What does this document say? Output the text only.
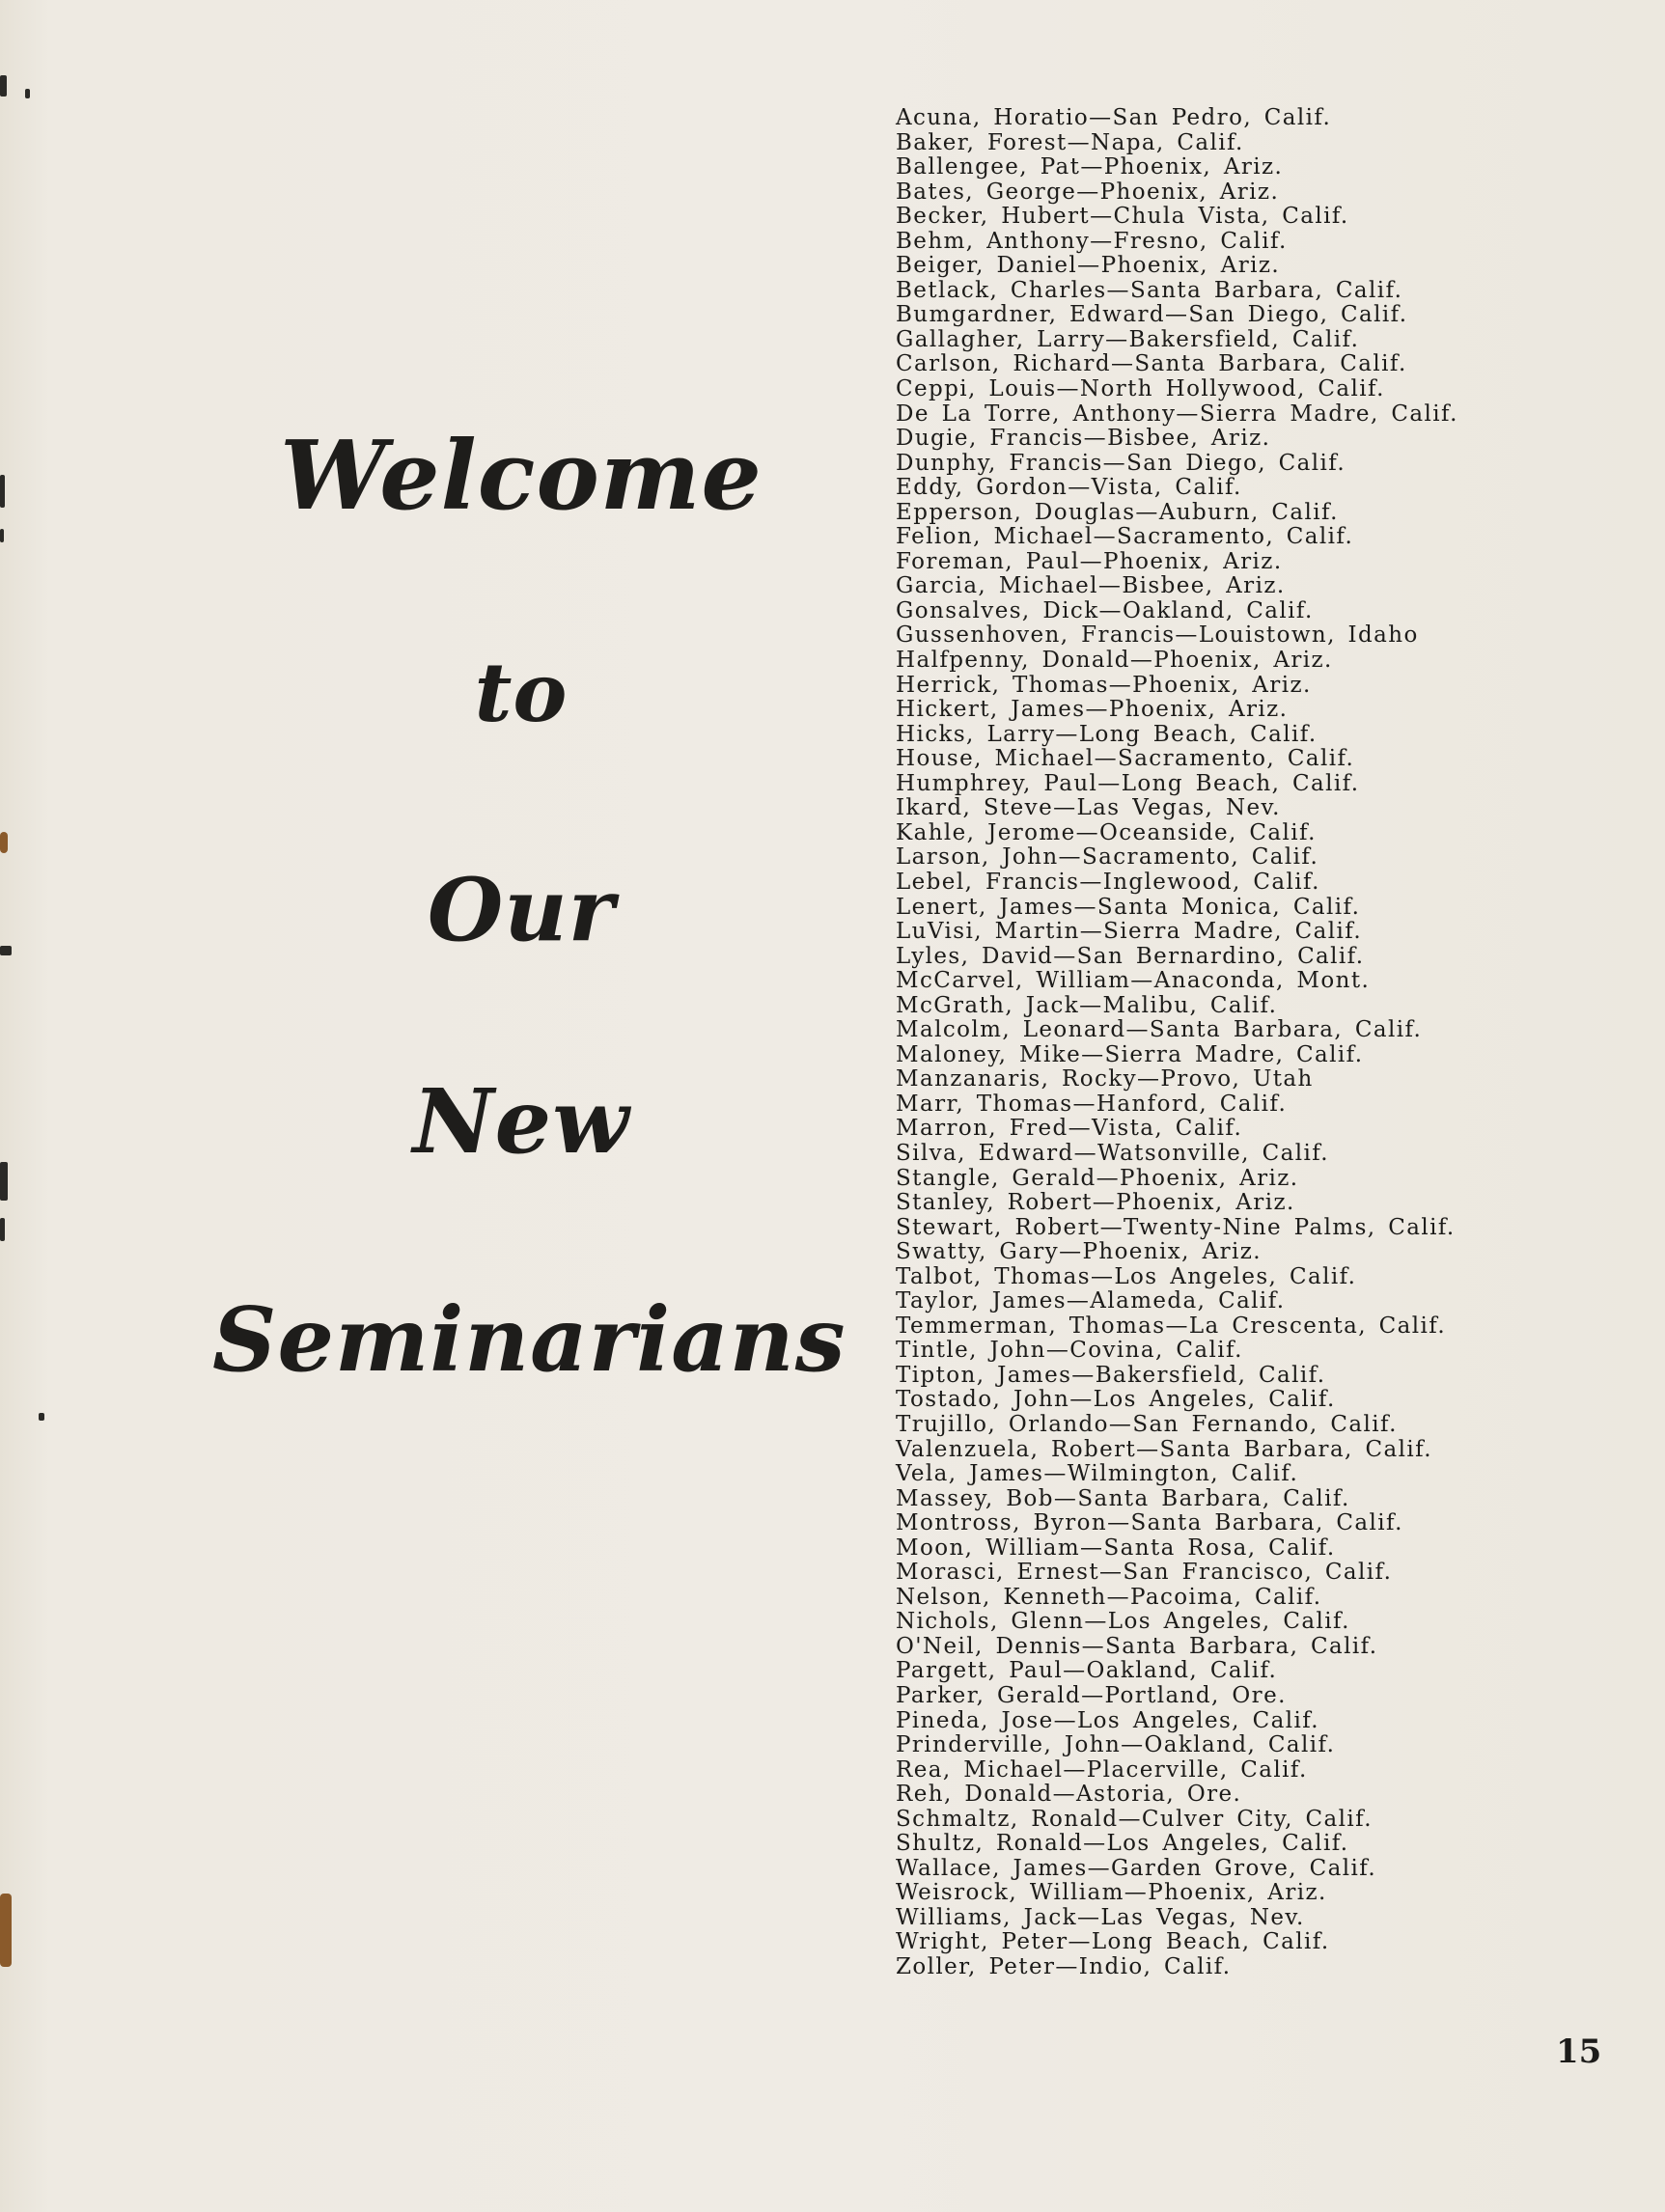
Welcome
to
Our
New
Seminarians
Acuna, Horatio—San Pedro, Calif.
Baker, Forest—Napa, Calif.
Ballengee, Pat—Phoenix, Ariz.
Bates, George—Phoenix, Ariz.
Becker, Hubert—Chula Vista, Calif.
Behm, Anthony—Fresno, Calif.
Beiger, Daniel—Phoenix, Ariz.
Betlack, Charles—Santa Barbara, Calif.
Bumgardner, Edward—San Diego, Calif.
Gallagher, Larry—Bakersfield, Calif.
Carlson, Richard—Santa Barbara, Calif.
Ceppi, Louis—North Hollywood, Calif.
De La Torre, Anthony—Sierra Madre, Calif.
Dugie, Francis—Bisbee, Ariz.
Dunphy, Francis—San Diego, Calif.
Eddy, Gordon—Vista, Calif.
Epperson, Douglas—Auburn, Calif.
Felion, Michael—Sacramento, Calif.
Foreman, Paul—Phoenix, Ariz.
Garcia, Michael—Bisbee, Ariz.
Gonsalves, Dick—Oakland, Calif.
Gussenhoven, Francis—Louistown, Idaho
Halfpenny, Donald—Phoenix, Ariz.
Herrick, Thomas—Phoenix, Ariz.
Hickert, James—Phoenix, Ariz.
Hicks, Larry—Long Beach, Calif.
House, Michael—Sacramento, Calif.
Humphrey, Paul—Long Beach, Calif.
Ikard, Steve—Las Vegas, Nev.
Kahle, Jerome—Oceanside, Calif.
Larson, John—Sacramento, Calif.
Lebel, Francis—Inglewood, Calif.
Lenert, James—Santa Monica, Calif.
LuVisi, Martin—Sierra Madre, Calif.
Lyles, David—San Bernardino, Calif.
McCarvel, William—Anaconda, Mont.
McGrath, Jack—Malibu, Calif.
Malcolm, Leonard—Santa Barbara, Calif.
Maloney, Mike—Sierra Madre, Calif.
Manzanaris, Rocky—Provo, Utah
Marr, Thomas—Hanford, Calif.
Marron, Fred—Vista, Calif.
Silva, Edward—Watsonville, Calif.
Stangle, Gerald—Phoenix, Ariz.
Stanley, Robert—Phoenix, Ariz.
Stewart, Robert—Twenty-Nine Palms, Calif.
Swatty, Gary—Phoenix, Ariz.
Talbot, Thomas—Los Angeles, Calif.
Taylor, James—Alameda, Calif.
Temmerman, Thomas—La Crescenta, Calif.
Tintle, John—Covina, Calif.
Tipton, James—Bakersfield, Calif.
Tostado, John—Los Angeles, Calif.
Trujillo, Orlando—San Fernando, Calif.
Valenzuela, Robert—Santa Barbara, Calif.
Vela, James—Wilmington, Calif.
Massey, Bob—Santa Barbara, Calif.
Montross, Byron—Santa Barbara, Calif.
Moon, William—Santa Rosa, Calif.
Morasci, Ernest—San Francisco, Calif.
Nelson, Kenneth—Pacoima, Calif.
Nichols, Glenn—Los Angeles, Calif.
O'Neil, Dennis—Santa Barbara, Calif.
Pargett, Paul—Oakland, Calif.
Parker, Gerald—Portland, Ore.
Pineda, Jose—Los Angeles, Calif.
Prinderville, John—Oakland, Calif.
Rea, Michael—Placerville, Calif.
Reh, Donald—Astoria, Ore.
Schmaltz, Ronald—Culver City, Calif.
Shultz, Ronald—Los Angeles, Calif.
Wallace, James—Garden Grove, Calif.
Weisrock, William—Phoenix, Ariz.
Williams, Jack—Las Vegas, Nev.
Wright, Peter—Long Beach, Calif.
Zoller, Peter—Indio, Calif.
15
